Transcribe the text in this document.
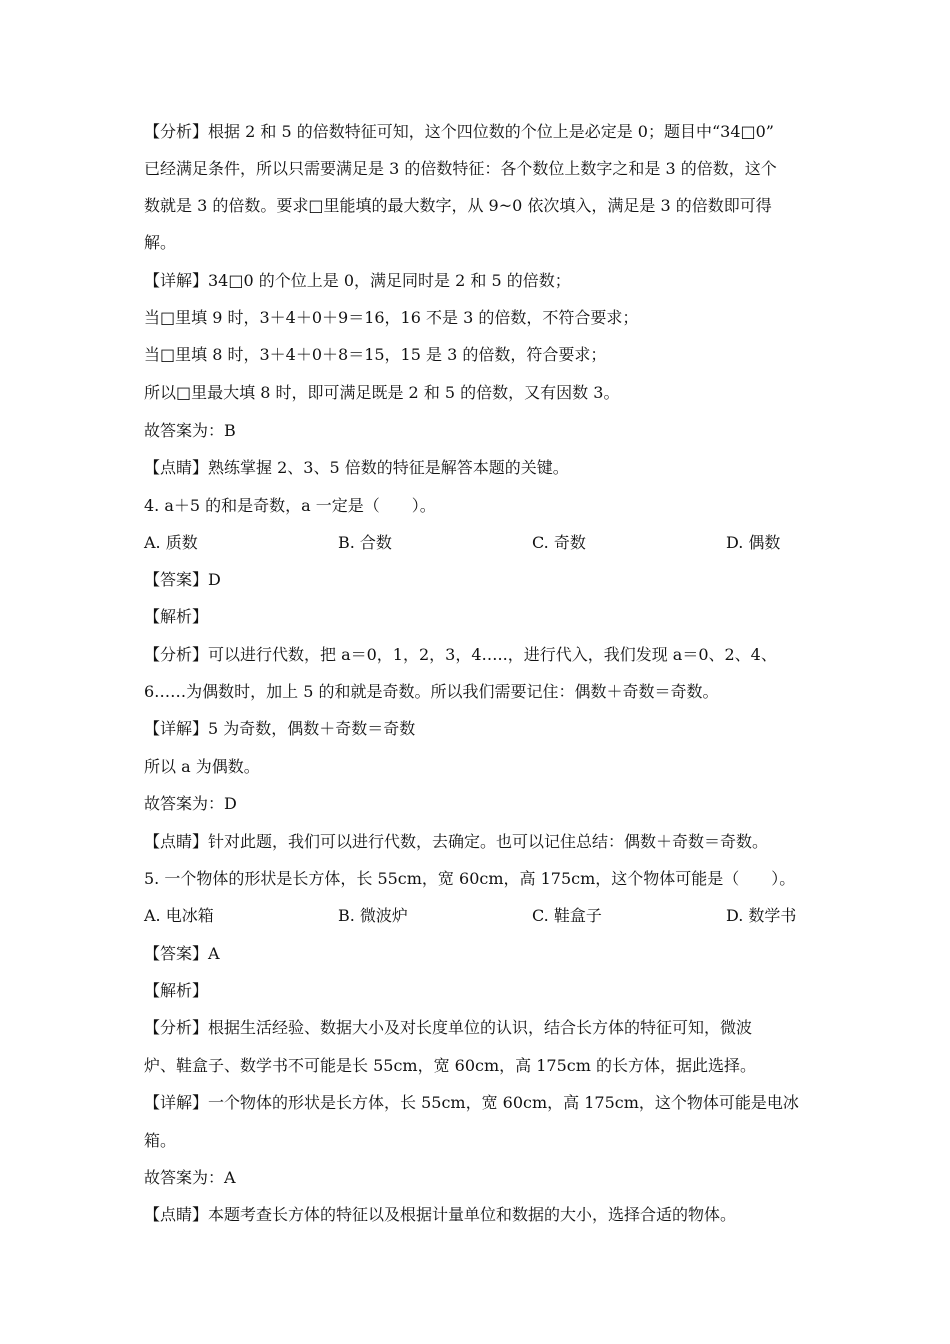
【分析】根据 2 和 5 的倍数特征可知，这个四位数的个位上是必定是 0；题目中“34□0”
已经满足条件，所以只需要满足是 3 的倍数特征：各个数位上数字之和是 3 的倍数，这个
数就是 3 的倍数。要求□里能填的最大数字，从 9~0 依次填入，满足是 3 的倍数即可得
解。
【详解】34□0 的个位上是 0，满足同时是 2 和 5 的倍数；
当□里填 9 时，3＋4＋0＋9＝16，16 不是 3 的倍数，不符合要求；
当□里填 8 时，3＋4＋0＋8＝15，15 是 3 的倍数，符合要求；
所以□里最大填 8 时，即可满足既是 2 和 5 的倍数，又有因数 3。
故答案为：B
【点睛】熟练掌握 2、3、5 倍数的特征是解答本题的关键。
4. a＋5 的和是奇数，a 一定是（　　）。
A. 质数	B. 合数	C. 奇数	D. 偶数
【答案】D
【解析】
【分析】可以进行代数，把 a＝0，1，2，3，4…..，进行代入，我们发现 a＝0、2、4、
6……为偶数时，加上 5 的和就是奇数。所以我们需要记住：偶数＋奇数＝奇数。
【详解】5 为奇数，偶数＋奇数＝奇数
所以 a 为偶数。
故答案为：D
【点睛】针对此题，我们可以进行代数，去确定。也可以记住总结：偶数＋奇数＝奇数。
5. 一个物体的形状是长方体，长 55cm，宽 60cm，高 175cm，这个物体可能是（　　）。
A. 电冰箱	B. 微波炉	C. 鞋盒子	D. 数学书
【答案】A
【解析】
【分析】根据生活经验、数据大小及对长度单位的认识，结合长方体的特征可知，微波
炉、鞋盒子、数学书不可能是长 55cm，宽 60cm，高 175cm 的长方体，据此选择。
【详解】一个物体的形状是长方体，长 55cm，宽 60cm，高 175cm，这个物体可能是电冰
箱。
故答案为：A
【点睛】本题考查长方体的特征以及根据计量单位和数据的大小，选择合适的物体。
